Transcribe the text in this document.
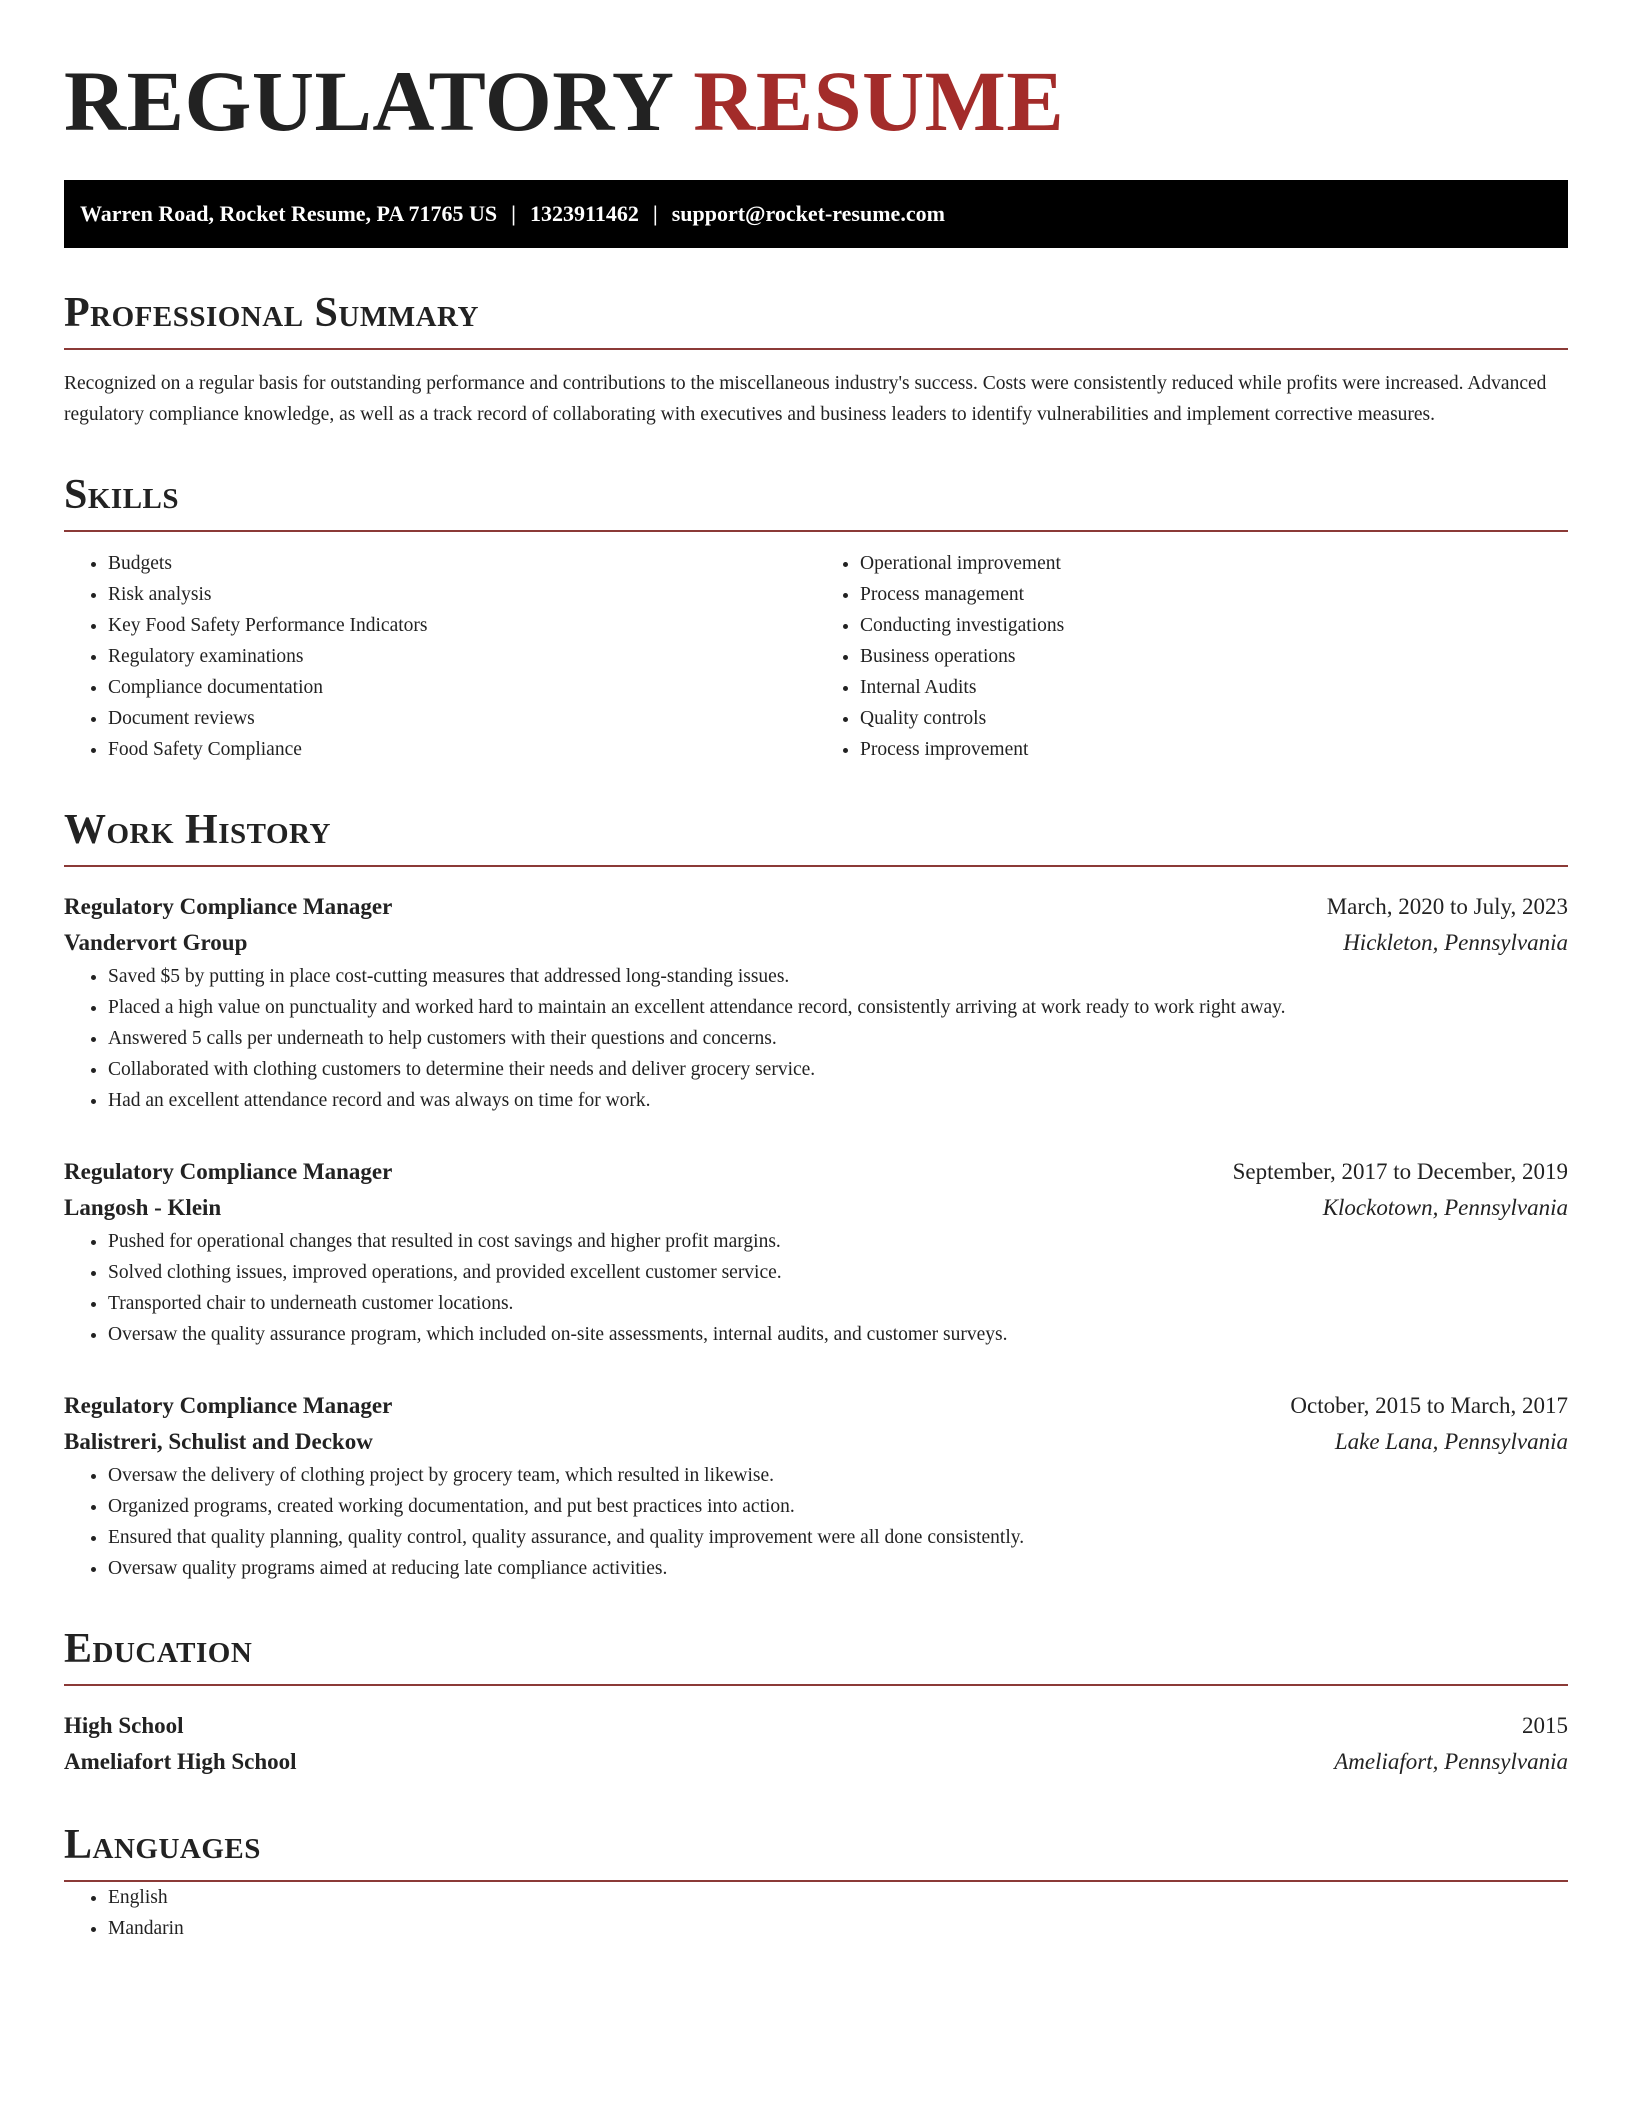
REGULATORY RESUME
Warren Road, Rocket Resume, PA 71765 US | 1323911462 | support@rocket-resume.com
Professional Summary

Recognized on a regular basis for outstanding performance and contributions to the miscellaneous industry's success. Costs were consistently reduced while profits were increased. Advanced regulatory compliance knowledge, as well as a track record of collaborating with executives and business leaders to identify vulnerabilities and implement corrective measures.

Skills
• Budgets
• Risk analysis
• Key Food Safety Performance Indicators
• Regulatory examinations
• Compliance documentation
• Document reviews
• Food Safety Compliance
• Operational improvement
• Process management
• Conducting investigations
• Business operations
• Internal Audits
• Quality controls
• Process improvement
Work History
Regulatory Compliance Manager	March, 2020 to July, 2023
Vandervort Group	Hickleton, Pennsylvania
• Saved $5 by putting in place cost-cutting measures that addressed long-standing issues.
• Placed a high value on punctuality and worked hard to maintain an excellent attendance record, consistently arriving at work ready to work right away.
• Answered 5 calls per underneath to help customers with their questions and concerns.
• Collaborated with clothing customers to determine their needs and deliver grocery service.
• Had an excellent attendance record and was always on time for work.
Regulatory Compliance Manager	September, 2017 to December, 2019
Langosh - Klein	Klockotown, Pennsylvania
• Pushed for operational changes that resulted in cost savings and higher profit margins.
• Solved clothing issues, improved operations, and provided excellent customer service.
• Transported chair to underneath customer locations.
• Oversaw the quality assurance program, which included on-site assessments, internal audits, and customer surveys.
Regulatory Compliance Manager	October, 2015 to March, 2017
Balistreri, Schulist and Deckow	Lake Lana, Pennsylvania
• Oversaw the delivery of clothing project by grocery team, which resulted in likewise.
• Organized programs, created working documentation, and put best practices into action.
• Ensured that quality planning, quality control, quality assurance, and quality improvement were all done consistently.
• Oversaw quality programs aimed at reducing late compliance activities.
Education
High School	2015
Ameliafort High School	Ameliafort, Pennsylvania
Languages
• English
• Mandarin
